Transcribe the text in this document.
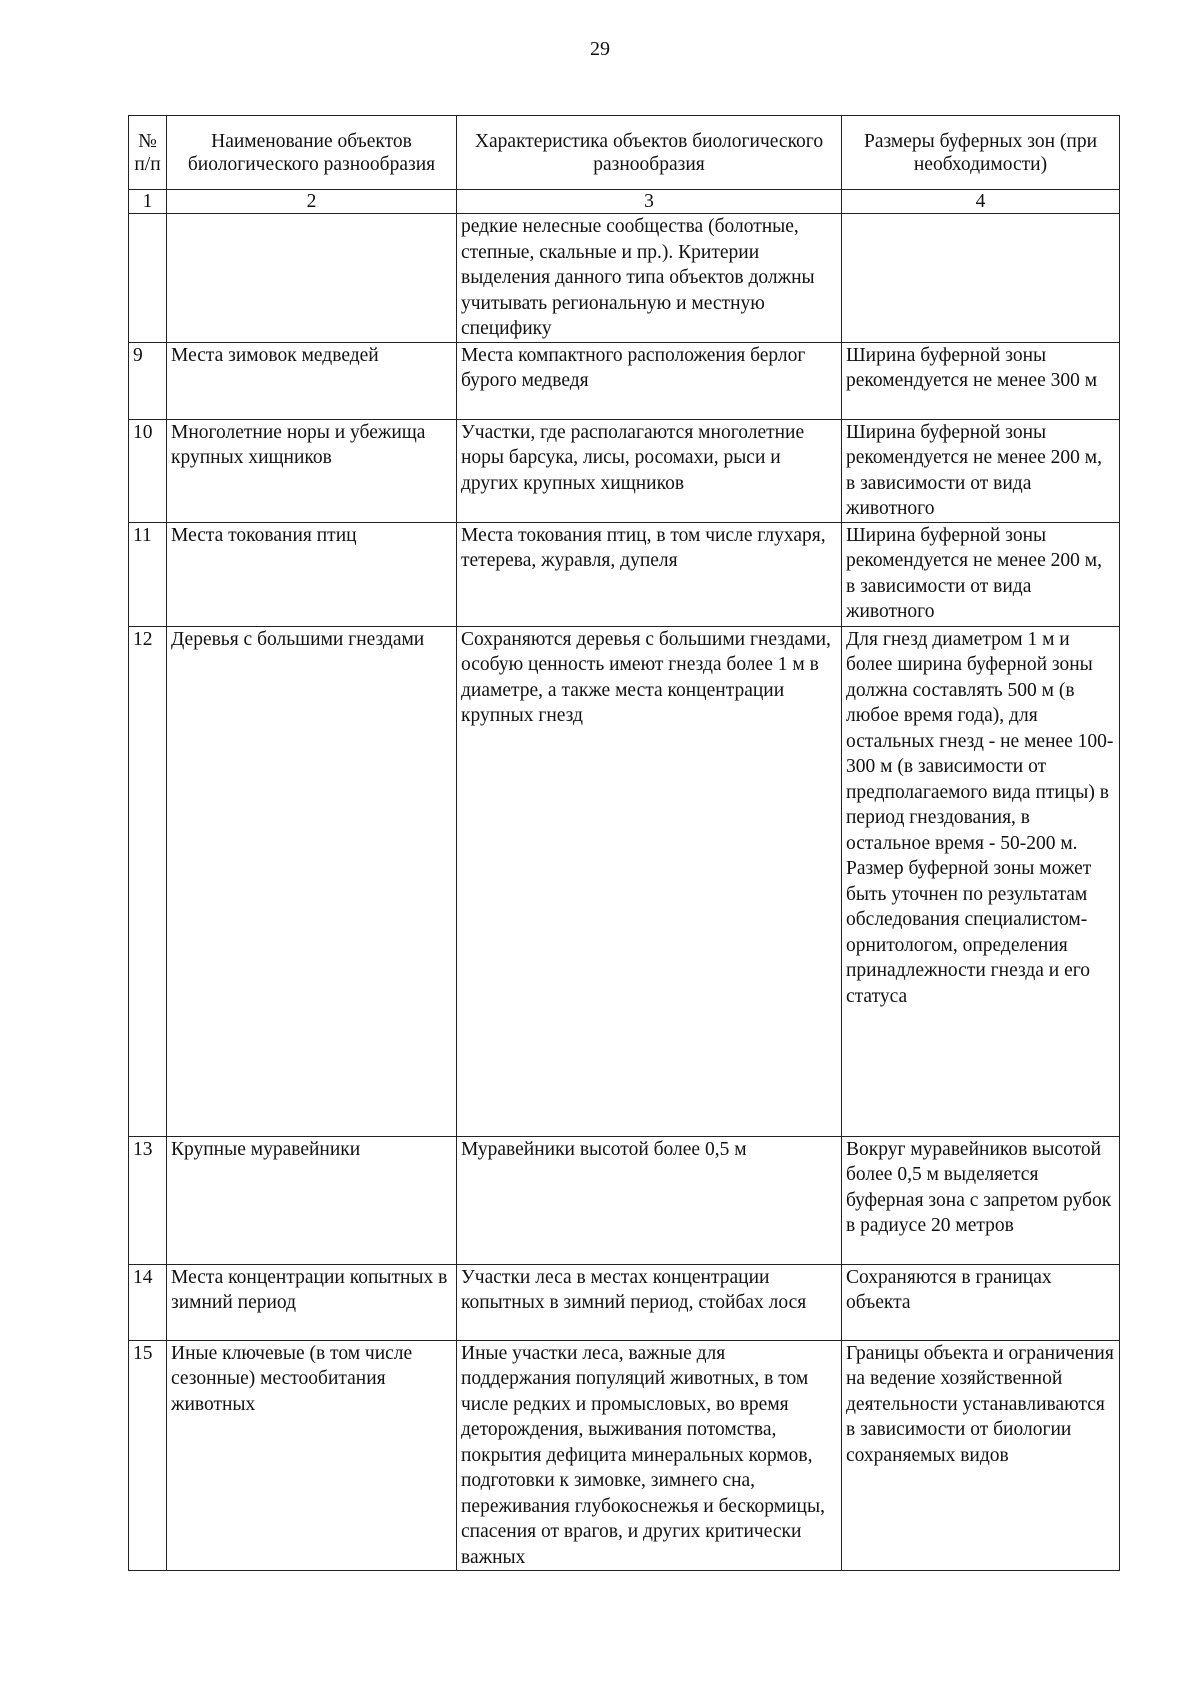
29
№ п/п	Наименование объектов биологического разнообразия	Характеристика объектов биологического разнообразия	Размеры буферных зон (при необходимости)
1	2	3	4
		редкие нелесные сообщества (болотные, степные, скальные и пр.). Критерии выделения данного типа объектов должны учитывать региональную и местную специфику	
9	Места зимовок медведей	Места компактного расположения берлог бурого медведя	Ширина буферной зоны рекомендуется не менее 300 м
10	Многолетние норы и убежища крупных хищников	Участки, где располагаются многолетние норы барсука, лисы, росомахи, рыси и других крупных хищников	Ширина буферной зоны рекомендуется не менее 200 м, в зависимости от вида животного
11	Места токования птиц	Места токования птиц, в том числе глухаря, тетерева, журавля, дупеля	Ширина буферной зоны рекомендуется не менее 200 м, в зависимости от вида животного
12	Деревья с большими гнездами	Сохраняются деревья с большими гнездами, особую ценность имеют гнезда более 1 м в диаметре, а также места концентрации крупных гнезд	Для гнезд диаметром 1 м и более ширина буферной зоны должна составлять 500 м (в любое время года), для остальных гнезд - не менее 100-300 м (в зависимости от предполагаемого вида птицы) в период гнездования, в остальное время - 50-200 м. Размер буферной зоны может быть уточнен по результатам обследования специалистом-орнитологом, определения принадлежности гнезда и его статуса
13	Крупные муравейники	Муравейники высотой более 0,5 м	Вокруг муравейников высотой более 0,5 м выделяется буферная зона с запретом рубок в радиусе 20 метров
14	Места концентрации копытных в зимний период	Участки леса в местах концентрации копытных в зимний период, стойбах лося	Сохраняются в границах объекта
15	Иные ключевые (в том числе сезонные) местообитания животных	Иные участки леса, важные для поддержания популяций животных, в том числе редких и промысловых, во время деторождения, выживания потомства, покрытия дефицита минеральных кормов, подготовки к зимовке, зимнего сна, переживания глубокоснежья и бескормицы, спасения от врагов, и других критически важных	Границы объекта и ограничения на ведение хозяйственной деятельности устанавливаются в зависимости от биологии сохраняемых видов
